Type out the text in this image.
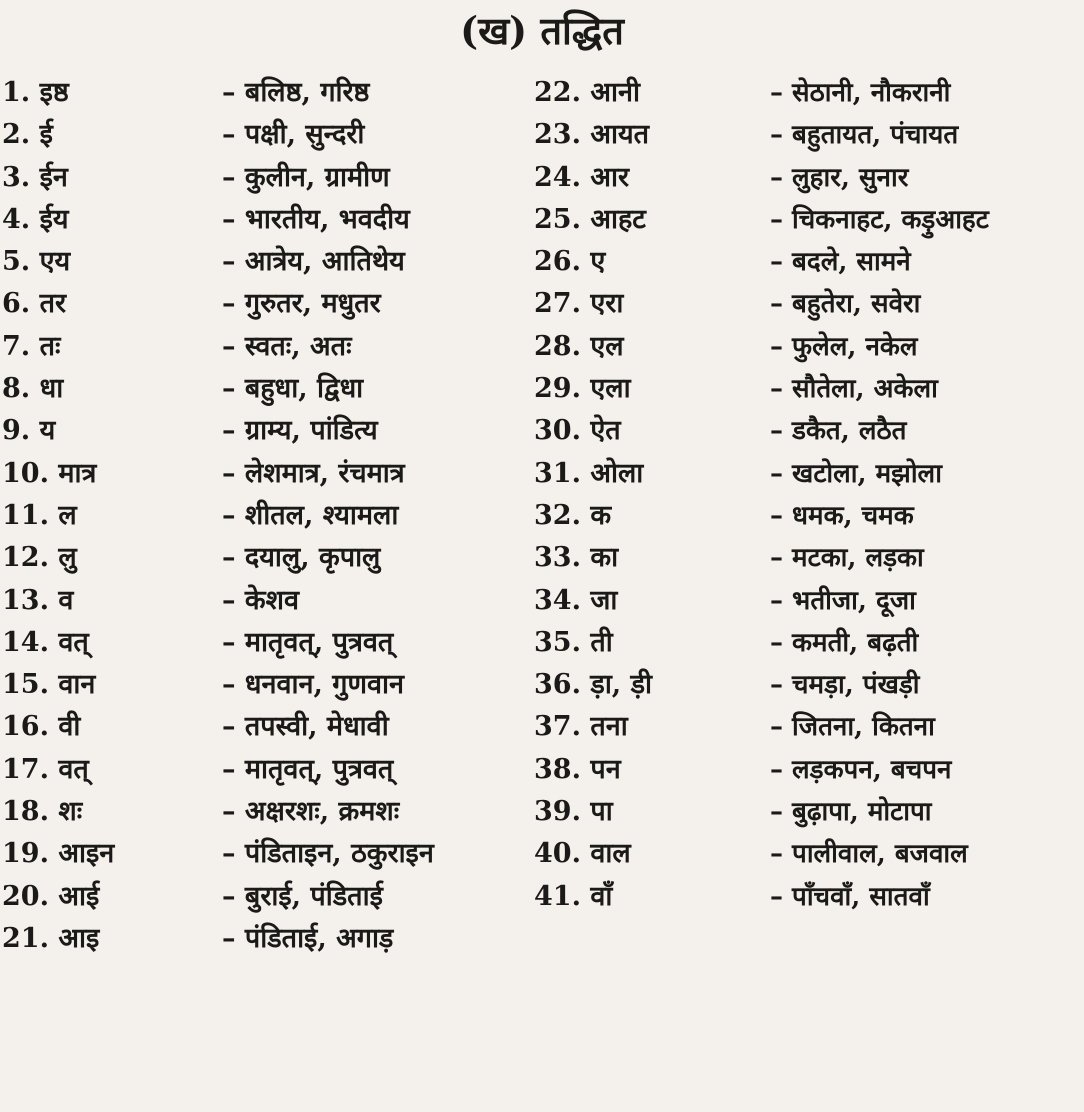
(ख) तद्धित
1. इष्ठ	– बलिष्ठ, गरिष्ठ
2. ई	– पक्षी, सुन्दरी
3. ईन	– कुलीन, ग्रामीण
4. ईय	– भारतीय, भवदीय
5. एय	– आत्रेय, आतिथेय
6. तर	– गुरुतर, मधुतर
7. तः	– स्वतः, अतः
8. धा	– बहुधा, द्विधा
9. य	– ग्राम्य, पांडित्य
10. मात्र	– लेशमात्र, रंचमात्र
11. ल	– शीतल, श्यामला
12. लु	– दयालु, कृपालु
13. व	– केशव
14. वत्	– मातृवत्, पुत्रवत्
15. वान	– धनवान, गुणवान
16. वी	– तपस्वी, मेधावी
17. वत्	– मातृवत्, पुत्रवत्
18. शः	– अक्षरशः, क्रमशः
19. आइन	– पंडिताइन, ठकुराइन
20. आई	– बुराई, पंडिताई
21. आइ	– पंडिताई, अगाड़
22. आनी	– सेठानी, नौकरानी
23. आयत	– बहुतायत, पंचायत
24. आर	– लुहार, सुनार
25. आहट	– चिकनाहट, कड़ुआहट
26. ए	– बदले, सामने
27. एरा	– बहुतेरा, सवेरा
28. एल	– फुलेल, नकेल
29. एला	– सौतेला, अकेला
30. ऐत	– डकैत, लठैत
31. ओला	– खटोला, मझोला
32. क	– धमक, चमक
33. का	– मटका, लड़का
34. जा	– भतीजा, दूजा
35. ती	– कमती, बढ़ती
36. ड़ा, ड़ी	– चमड़ा, पंखड़ी
37. तना	– जितना, कितना
38. पन	– लड़कपन, बचपन
39. पा	– बुढ़ापा, मोटापा
40. वाल	– पालीवाल, बजवाल
41. वाँ	– पाँचवाँ, सातवाँ
